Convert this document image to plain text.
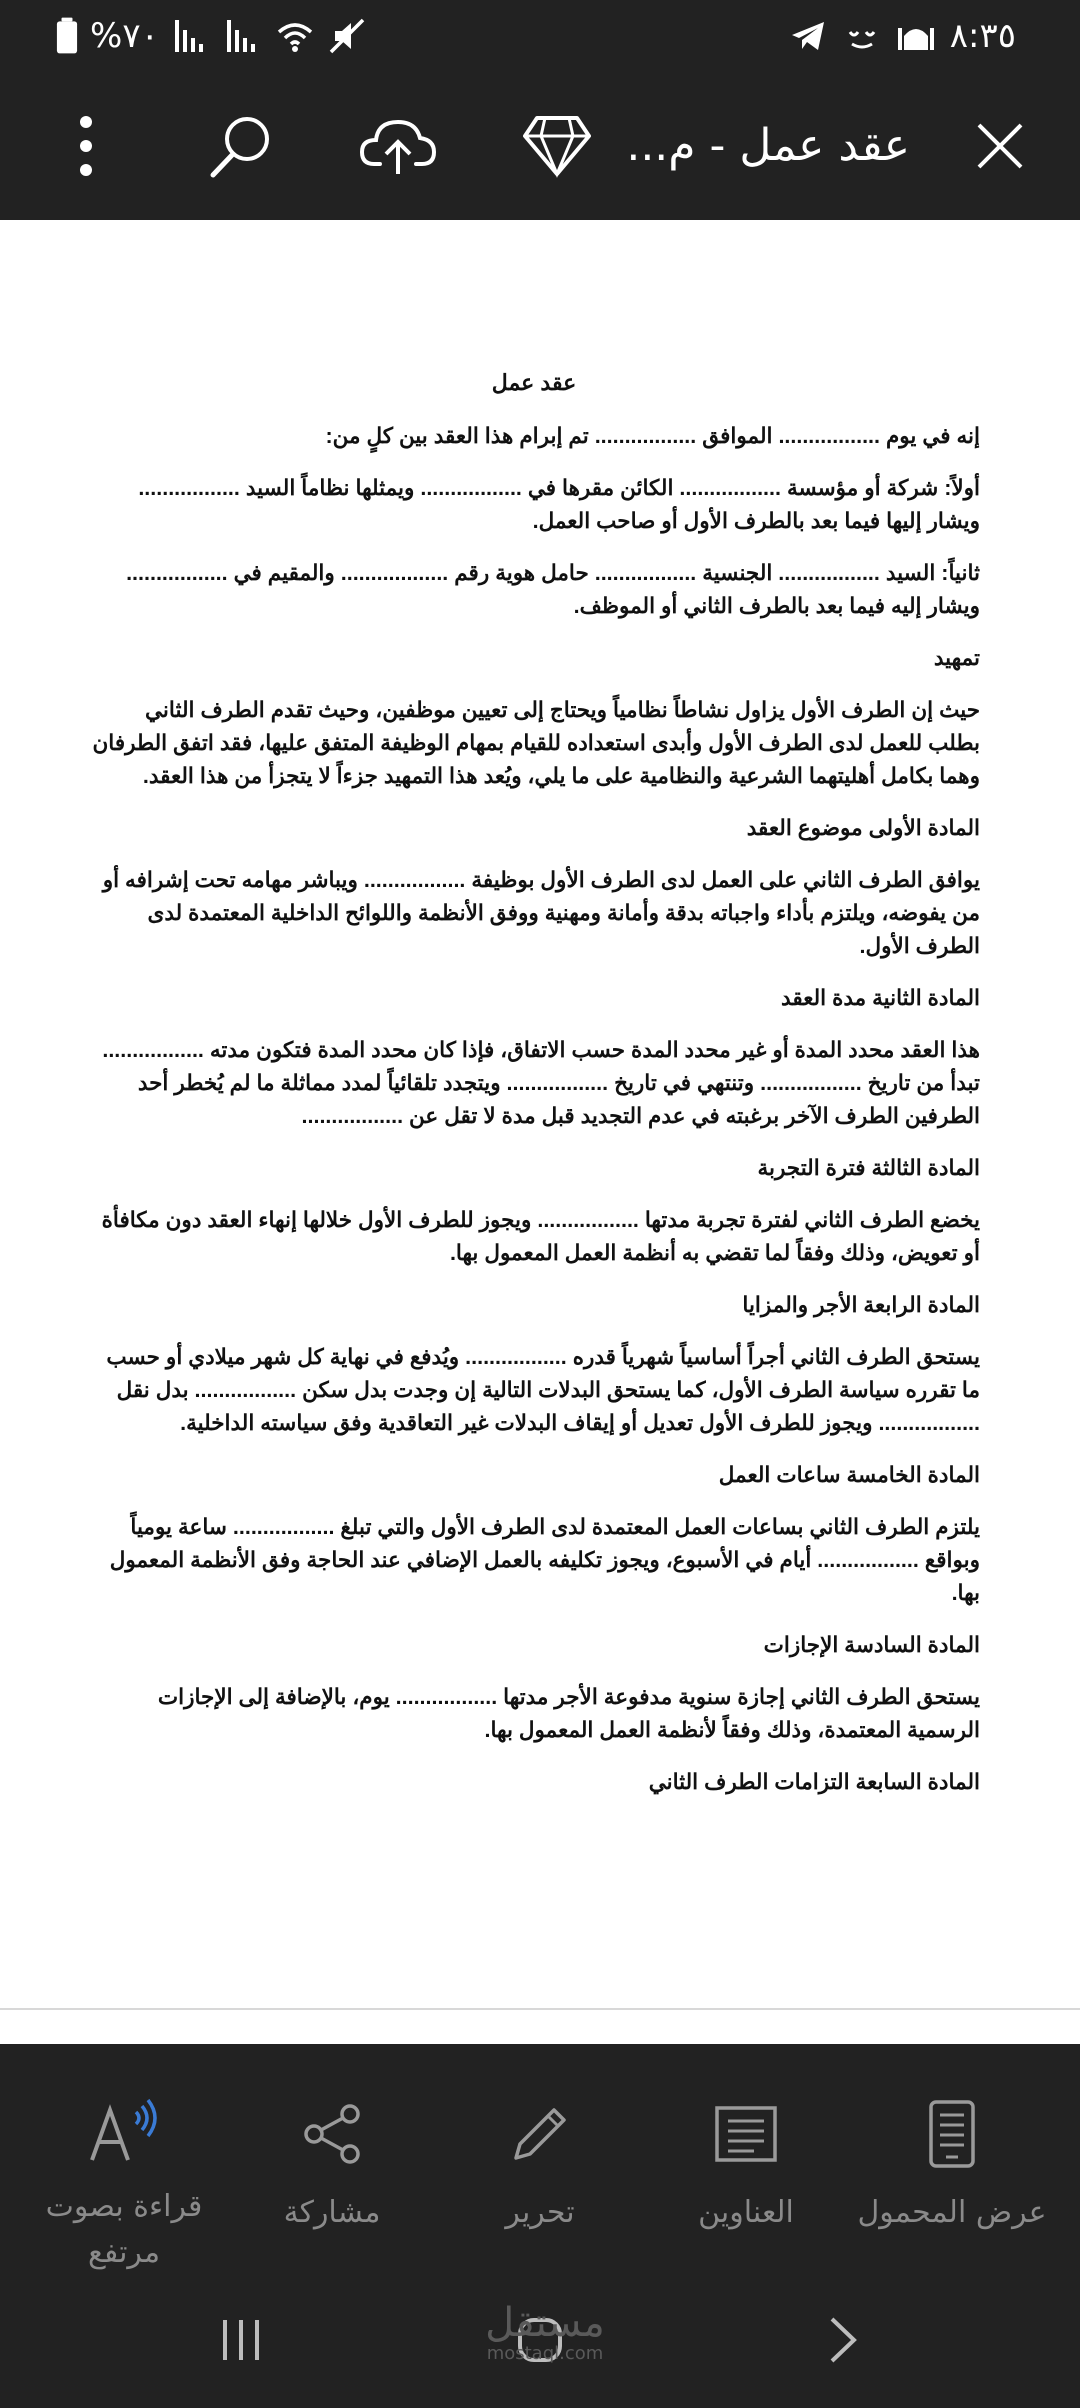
%٧٠	٨:٣٥
عقد عمل - م...
عقد عمل

إنه في يوم ................. الموافق ................. تم إبرام هذا العقد بين كلٍ من:

أولاً: شركة أو مؤسسة ................. الكائن مقرها في ................. ويمثلها نظاماً السيد ................. ويشار إليها فيما بعد بالطرف الأول أو صاحب العمل.

ثانياً: السيد ................. الجنسية ................. حامل هوية رقم .................. والمقيم في ................. ويشار إليه فيما بعد بالطرف الثاني أو الموظف.

تمهيد

حيث إن الطرف الأول يزاول نشاطاً نظامياً ويحتاج إلى تعيين موظفين، وحيث تقدم الطرف الثاني بطلب للعمل لدى الطرف الأول وأبدى استعداده للقيام بمهام الوظيفة المتفق عليها، فقد اتفق الطرفان وهما بكامل أهليتهما الشرعية والنظامية على ما يلي، ويُعد هذا التمهيد جزءاً لا يتجزأ من هذا العقد.

المادة الأولى موضوع العقد

يوافق الطرف الثاني على العمل لدى الطرف الأول بوظيفة ................. ويباشر مهامه تحت إشرافه أو من يفوضه، ويلتزم بأداء واجباته بدقة وأمانة ومهنية ووفق الأنظمة واللوائح الداخلية المعتمدة لدى الطرف الأول.

المادة الثانية مدة العقد

هذا العقد محدد المدة أو غير محدد المدة حسب الاتفاق، فإذا كان محدد المدة فتكون مدته ................. تبدأ من تاريخ ................. وتنتهي في تاريخ ................. ويتجدد تلقائياً لمدد مماثلة ما لم يُخطر أحد الطرفين الطرف الآخر برغبته في عدم التجديد قبل مدة لا تقل عن .................

المادة الثالثة فترة التجربة

يخضع الطرف الثاني لفترة تجربة مدتها ................. ويجوز للطرف الأول خلالها إنهاء العقد دون مكافأة أو تعويض، وذلك وفقاً لما تقضي به أنظمة العمل المعمول بها.

المادة الرابعة الأجر والمزايا

يستحق الطرف الثاني أجراً أساسياً شهرياً قدره ................. ويُدفع في نهاية كل شهر ميلادي أو حسب ما تقرره سياسة الطرف الأول، كما يستحق البدلات التالية إن وجدت بدل سكن ................. بدل نقل ................. ويجوز للطرف الأول تعديل أو إيقاف البدلات غير التعاقدية وفق سياسته الداخلية.

المادة الخامسة ساعات العمل

يلتزم الطرف الثاني بساعات العمل المعتمدة لدى الطرف الأول والتي تبلغ ................. ساعة يومياً وبواقع ................. أيام في الأسبوع، ويجوز تكليفه بالعمل الإضافي عند الحاجة وفق الأنظمة المعمول بها.

المادة السادسة الإجازات

يستحق الطرف الثاني إجازة سنوية مدفوعة الأجر مدتها ................. يوم، بالإضافة إلى الإجازات الرسمية المعتمدة، وذلك وفقاً لأنظمة العمل المعمول بها.

المادة السابعة التزامات الطرف الثاني

عرض المحمول
العناوين
تحرير
مشاركة
قراءة بصوت مرتفع
مستقل
mostaql.com
